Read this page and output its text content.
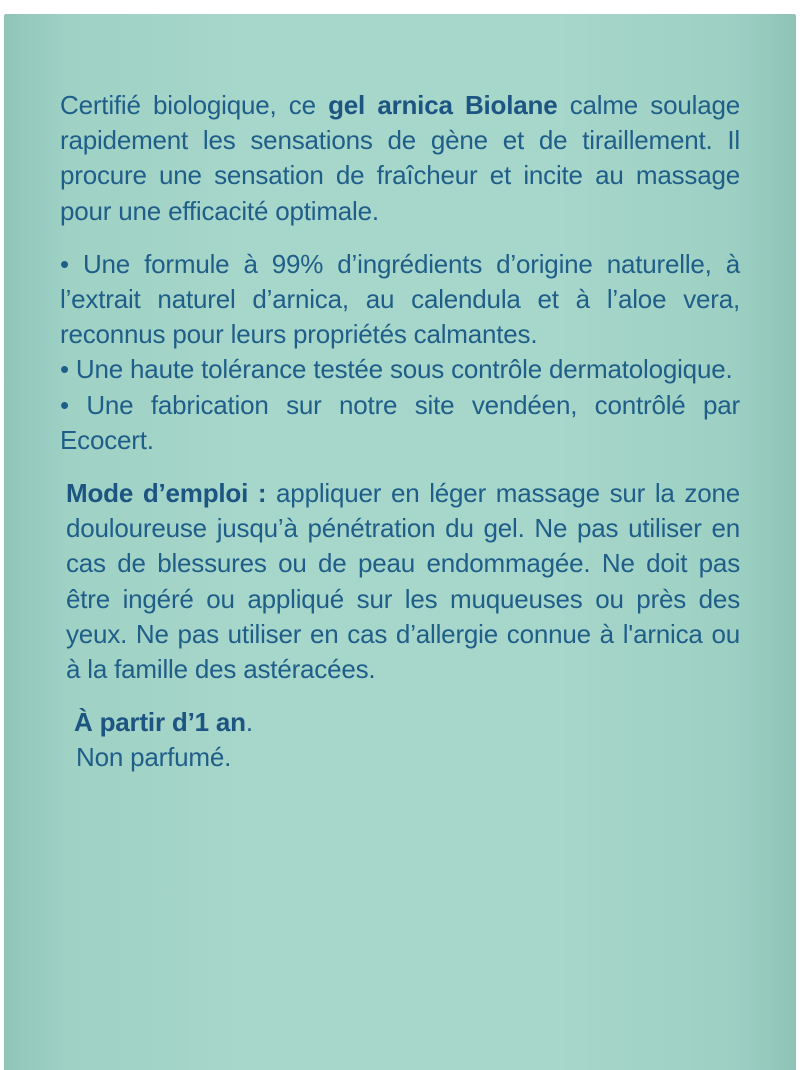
Certifié biologique, ce gel arnica Biolane calme soulage rapidement les sensations de gène et de tiraillement. Il procure une sensation de fraîcheur et incite au massage pour une efficacité optimale.

• Une formule à 99% d’ingrédients d’origine naturelle, à l’extrait naturel d’arnica, au calendula et à l’aloe vera, reconnus pour leurs propriétés calmantes.

• Une haute tolérance testée sous contrôle dermatologique.

• Une fabrication sur notre site vendéen, contrôlé par Ecocert.

Mode d’emploi : appliquer en léger massage sur la zone douloureuse jusqu’à pénétration du gel. Ne pas utiliser en cas de blessures ou de peau endommagée. Ne doit pas être ingéré ou appliqué sur les muqueuses ou près des yeux. Ne pas utiliser en cas d’allergie connue à l'arnica ou à la famille des astéracées.

À partir d’1 an.

Non parfumé.
